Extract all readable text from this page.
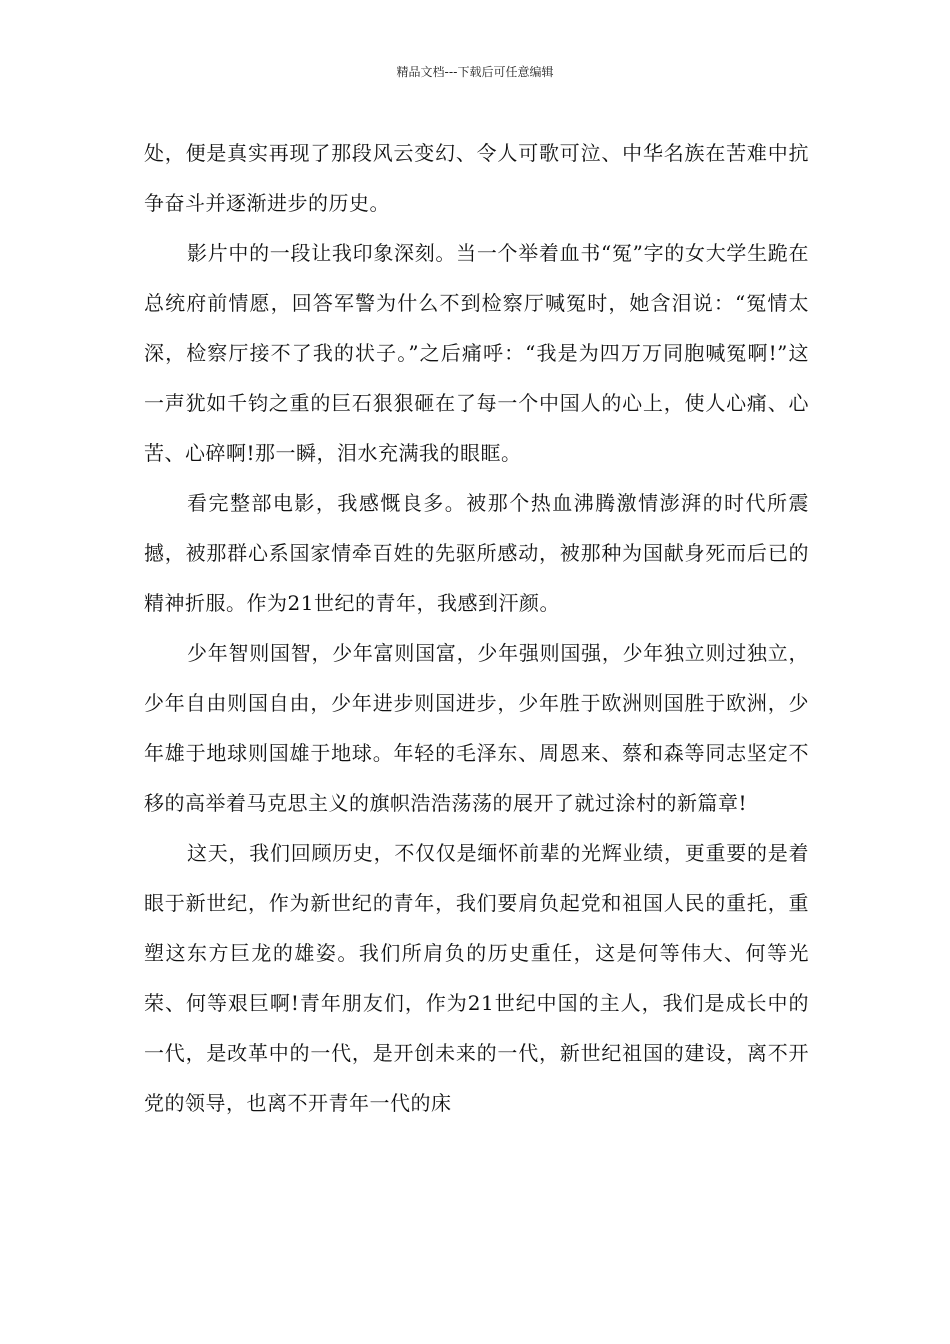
精品文档---下载后可任意编辑

处，便是真实再现了那段风云变幻、令人可歌可泣、中华名族在苦难中抗争奋斗并逐渐进步的历史。

影片中的一段让我印象深刻。当一个举着血书“冤”字的女大学生跪在总统府前情愿，回答军警为什么不到检察厅喊冤时，她含泪说：“冤情太深，检察厅接不了我的状子。”之后痛呼：“我是为四万万同胞喊冤啊!”这一声犹如千钧之重的巨石狠狠砸在了每一个中国人的心上，使人心痛、心苦、心碎啊!那一瞬，泪水充满我的眼眶。

看完整部电影，我感慨良多。被那个热血沸腾激情澎湃的时代所震撼，被那群心系国家情牵百姓的先驱所感动，被那种为国献身死而后已的精神折服。作为21世纪的青年，我感到汗颜。

少年智则国智，少年富则国富，少年强则国强，少年独立则过独立，少年自由则国自由，少年进步则国进步，少年胜于欧洲则国胜于欧洲，少年雄于地球则国雄于地球。年轻的毛泽东、周恩来、蔡和森等同志坚定不移的高举着马克思主义的旗帜浩浩荡荡的展开了就过涂村的新篇章!

这天，我们回顾历史，不仅仅是缅怀前辈的光辉业绩，更重要的是着眼于新世纪，作为新世纪的青年，我们要肩负起党和祖国人民的重托，重塑这东方巨龙的雄姿。我们所肩负的历史重任，这是何等伟大、何等光荣、何等艰巨啊!青年朋友们，作为21世纪中国的主人，我们是成长中的一代，是改革中的一代，是开创未来的一代，新世纪祖国的建设，离不开党的领导，也离不开青年一代的床
